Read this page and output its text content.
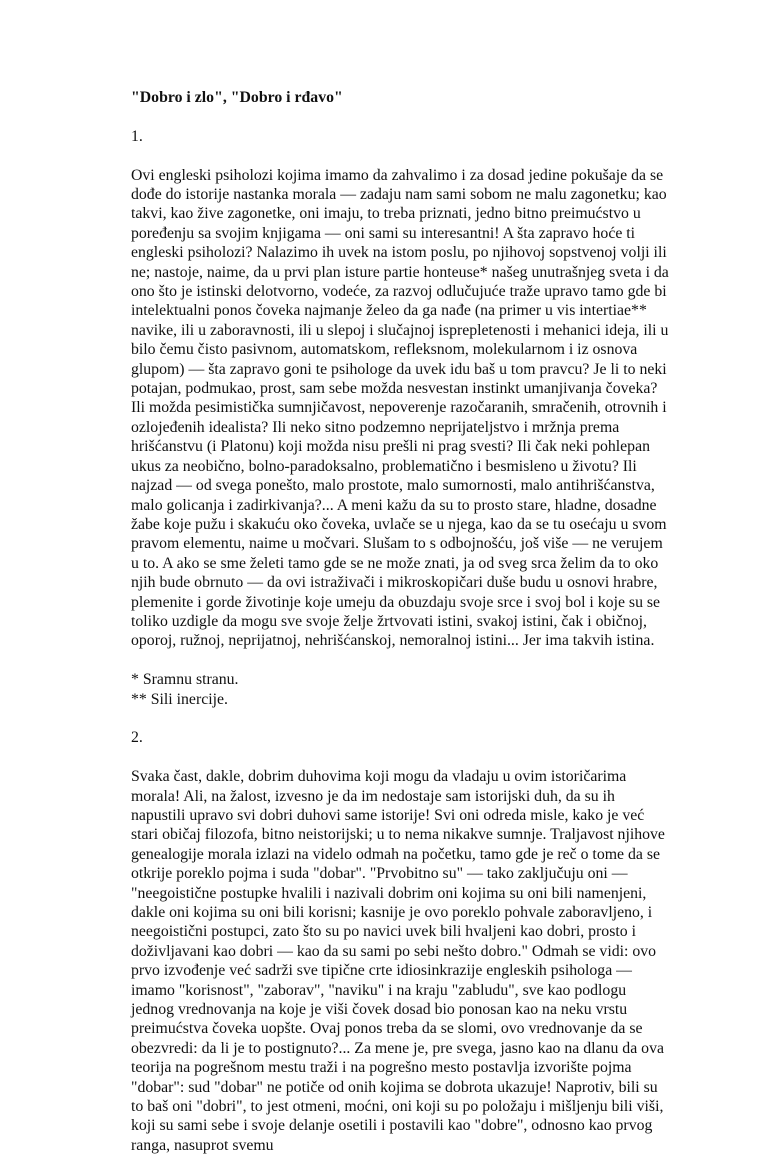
"Dobro i zlo", "Dobro i rđavo"
1.
Ovi engleski psiholozi kojima imamo da zahvalimo i za dosad jedine pokušaje da se dođe do istorije nastanka morala — zadaju nam sami sobom ne malu zagonetku; kao takvi, kao žive zagonetke, oni imaju, to treba priznati, jedno bitno preimućstvo u poređenju sa svojim knjigama — oni sami su interesantni! A šta zapravo hoće ti engleski psiholozi? Nalazimo ih uvek na istom poslu, po njihovoj sopstvenoj volji ili ne; nastoje, naime, da u prvi plan isture partie honteuse* našeg unutrašnjeg sveta i da ono što je istinski delotvorno, vodeće, za razvoj odlučujuće traže upravo tamo gde bi intelektualni ponos čoveka najmanje želeo da ga nađe (na primer u vis intertiae** navike, ili u zaboravnosti, ili u slepoj i slučajnoj isprepletenosti i mehanici ideja, ili u bilo čemu čisto pasivnom, automatskom, refleksnom, molekularnom i iz osnova glupom) — šta zapravo goni te psihologe da uvek idu baš u tom pravcu? Je li to neki potajan, podmukao, prost, sam sebe možda nesvestan instinkt umanjivanja čoveka? Ili možda pesimistička sumnjičavost, nepoverenje razočaranih, smračenih, otrovnih i ozlojeđenih idealista? Ili neko sitno podzemno neprijateljstvo i mržnja prema hrišćanstvu (i Platonu) koji možda nisu prešli ni prag svesti? Ili čak neki pohlepan ukus za neobično, bolno-paradoksalno, problematično i besmisleno u životu? Ili najzad — od svega ponešto, malo prostote, malo sumornosti, malo antihrišćanstva, malo golicanja i zadirkivanja?... A meni kažu da su to prosto stare, hladne, dosadne žabe koje pužu i skakuću oko čoveka, uvlače se u njega, kao da se tu osećaju u svom pravom elementu, naime u močvari. Slušam to s odbojnošću, još više — ne verujem u to. A ako se sme želeti tamo gde se ne može znati, ja od sveg srca želim da to oko njih bude obrnuto — da ovi istraživači i mikroskopičari duše budu u osnovi hrabre, plemenite i gorde životinje koje umeju da obuzdaju svoje srce i svoj bol i koje su se toliko uzdigle da mogu sve svoje želje žrtvovati istini, svakoj istini, čak i običnoj, oporoj, ružnoj, neprijatnoj, nehrišćanskoj, nemoralnoj istini... Jer ima takvih istina.
* Sramnu stranu.
** Sili inercije.
2.
Svaka čast, dakle, dobrim duhovima koji mogu da vladaju u ovim istoričarima morala! Ali, na žalost, izvesno je da im nedostaje sam istorijski duh, da su ih napustili upravo svi dobri duhovi same istorije! Svi oni odreda misle, kako je već stari običaj filozofa, bitno neistorijski; u to nema nikakve sumnje. Traljavost njihove genealogije morala izlazi na videlo odmah na početku, tamo gde je reč o tome da se otkrije poreklo pojma i suda "dobar". "Prvobitno su" — tako zaključuju oni — "neegoistične postupke hvalili i nazivali dobrim oni kojima su oni bili namenjeni, dakle oni kojima su oni bili korisni; kasnije je ovo poreklo pohvale zaboravljeno, i neegoistični postupci, zato što su po navici uvek bili hvaljeni kao dobri, prosto i doživljavani kao dobri — kao da su sami po sebi nešto dobro." Odmah se vidi: ovo prvo izvođenje već sadrži sve tipične crte idiosinkrazije engleskih psihologa — imamo "korisnost", "zaborav", "naviku" i na kraju "zabludu", sve kao podlogu jednog vrednovanja na koje je viši čovek dosad bio ponosan kao na neku vrstu preimućstva čoveka uopšte. Ovaj ponos treba da se slomi, ovo vrednovanje da se obezvredi: da li je to postignuto?... Za mene je, pre svega, jasno kao na dlanu da ova teorija na pogrešnom mestu traži i na pogrešno mesto postavlja izvorište pojma "dobar": sud "dobar" ne potiče od onih kojima se dobrota ukazuje! Naprotiv, bili su to baš oni "dobri", to jest otmeni, moćni, oni koji su po položaju i mišljenju bili viši, koji su sami sebe i svoje delanje osetili i postavili kao "dobre", odnosno kao prvog ranga, nasuprot svemu
